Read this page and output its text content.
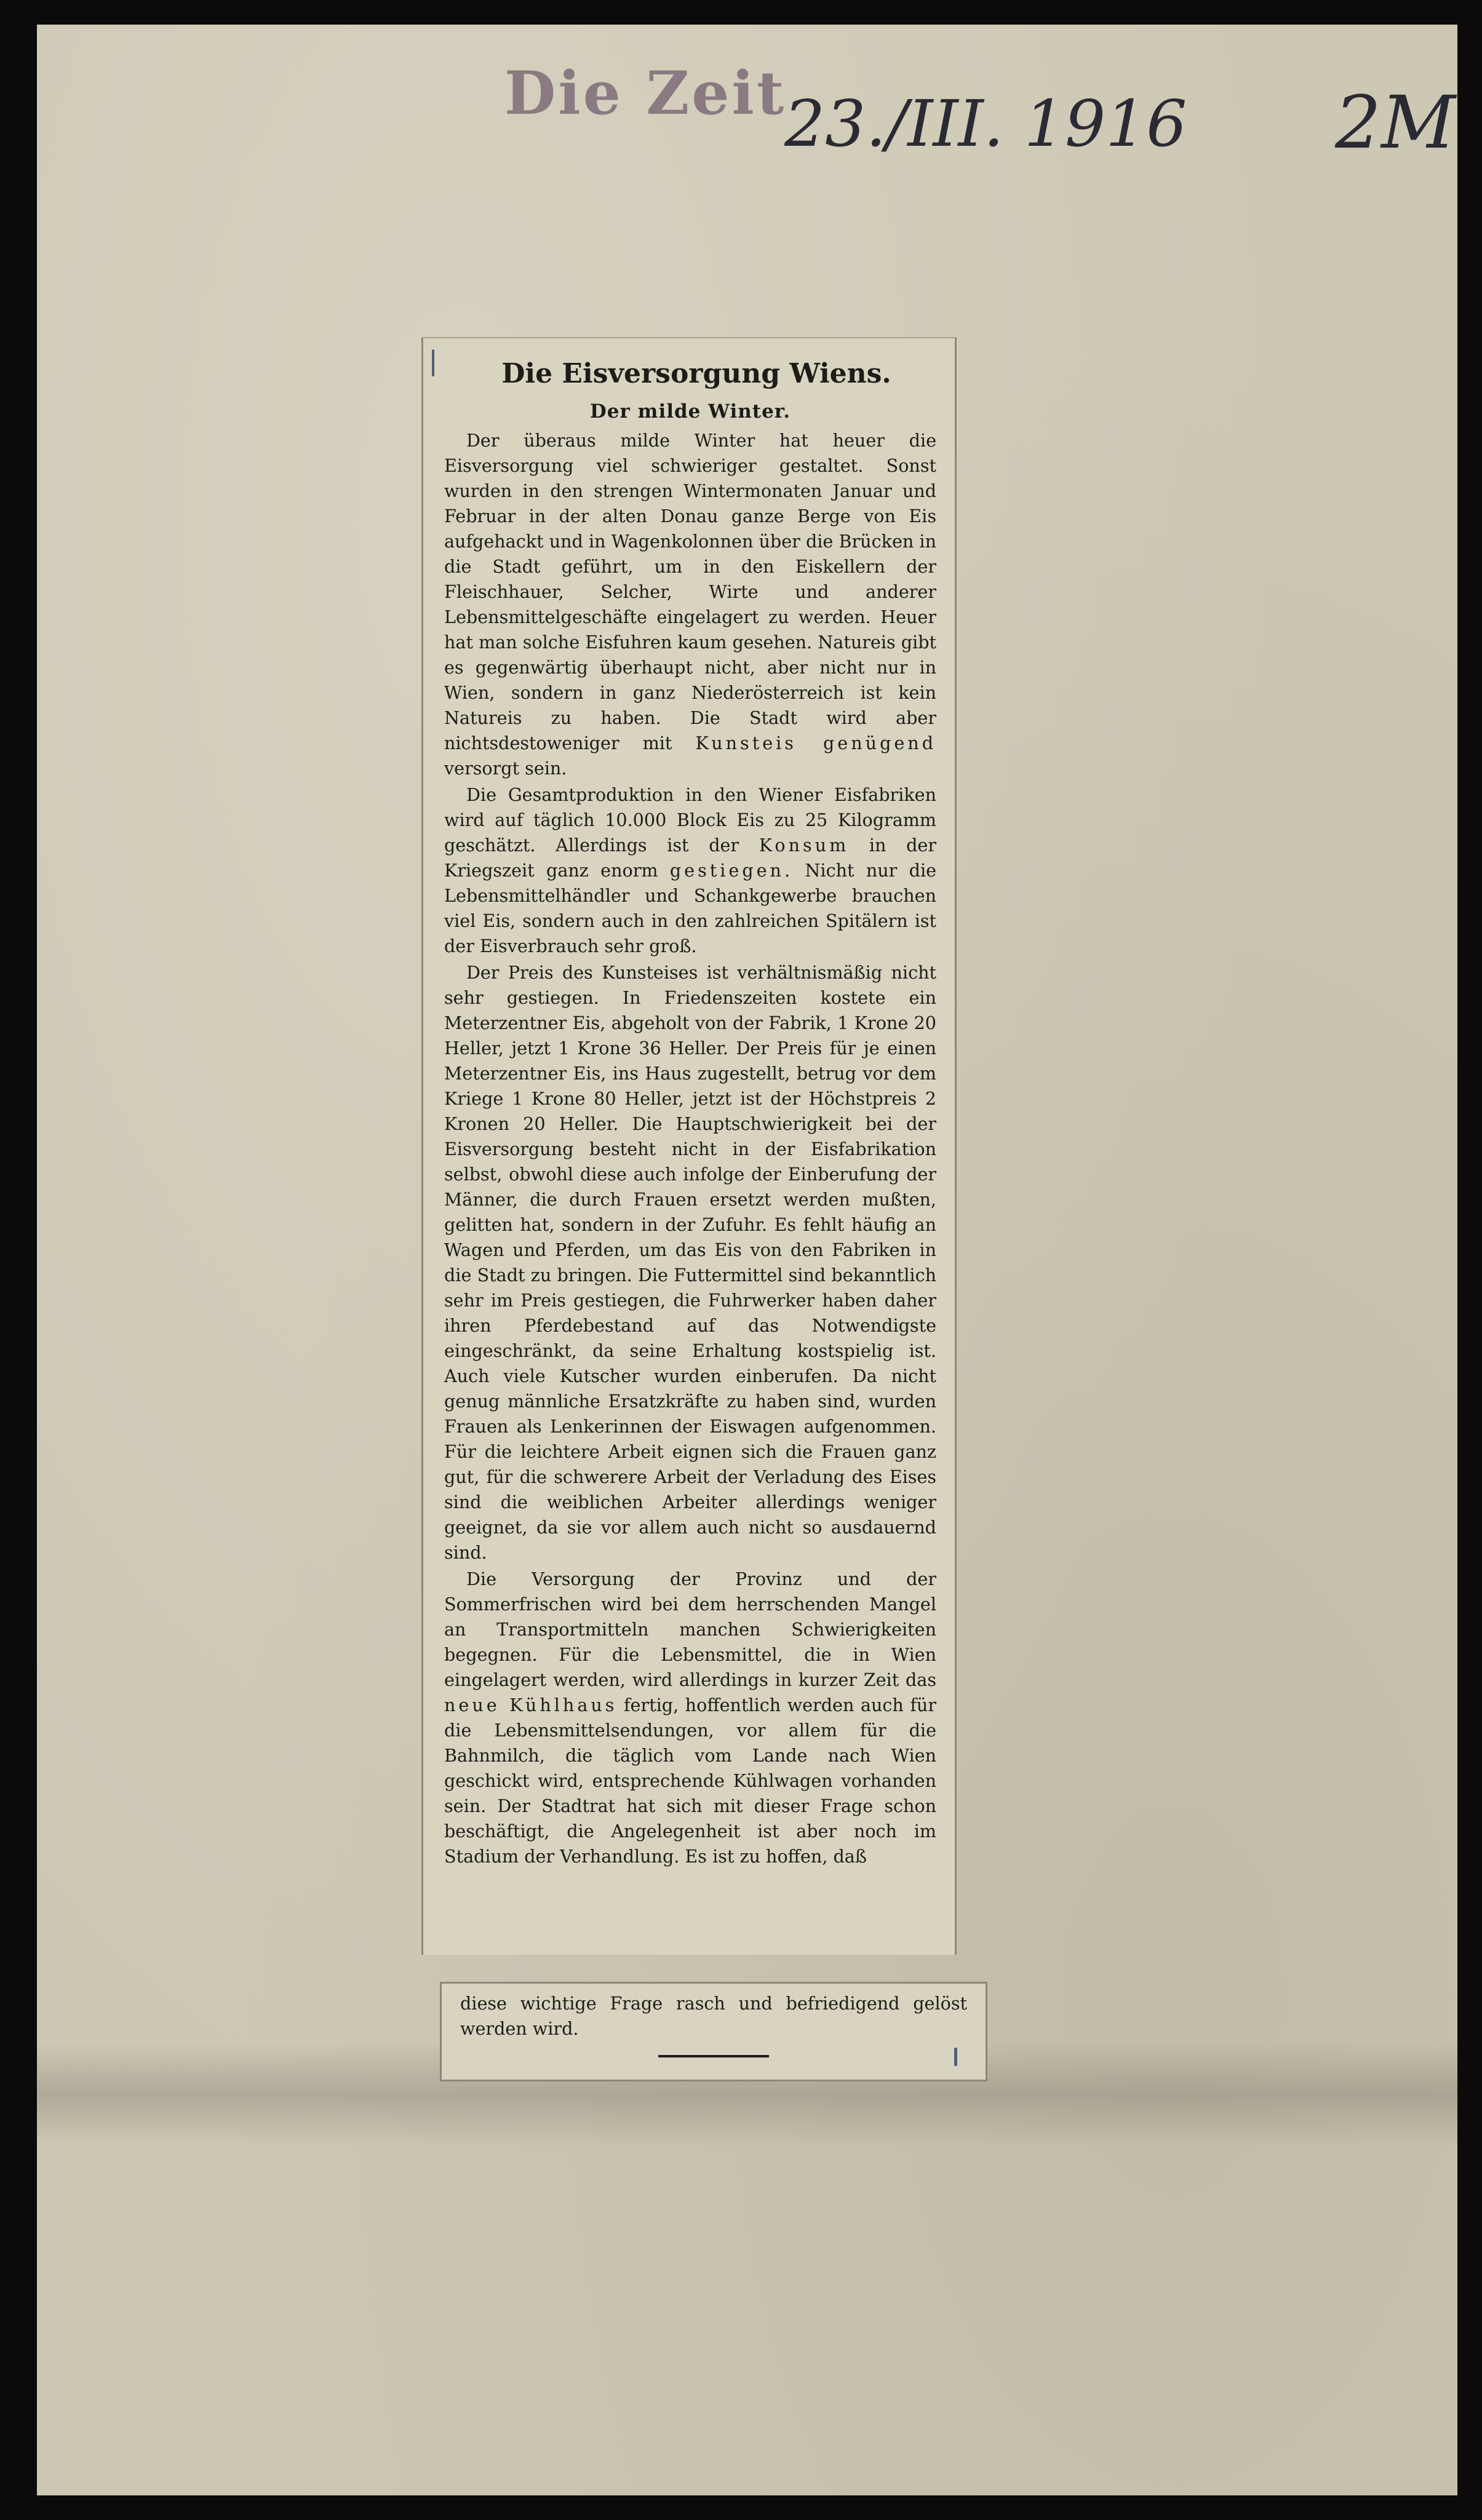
Die Zeit
23./III. 1916 2M
Die Eisversorgung Wiens.
Der milde Winter.

Der überaus milde Winter hat heuer die Eisversorgung viel schwieriger gestaltet. Sonst wurden in den strengen Wintermonaten Januar und Februar in der alten Donau ganze Berge von Eis aufgehackt und in Wagenkolonnen über die Brücken in die Stadt geführt, um in den Eiskellern der Fleischhauer, Selcher, Wirte und anderer Lebensmittelgeschäfte eingelagert zu werden. Heuer hat man solche Eisfuhren kaum gesehen. Natureis gibt es gegenwärtig überhaupt nicht, aber nicht nur in Wien, sondern in ganz Niederösterreich ist kein Natureis zu haben. Die Stadt wird aber nichtsdestoweniger mit Kunsteis genügend versorgt sein.

Die Gesamtproduktion in den Wiener Eisfabriken wird auf täglich 10.000 Block Eis zu 25 Kilogramm geschätzt. Allerdings ist der Konsum in der Kriegszeit ganz enorm gestiegen. Nicht nur die Lebensmittelhändler und Schankgewerbe brauchen viel Eis, sondern auch in den zahlreichen Spitälern ist der Eisverbrauch sehr groß.

Der Preis des Kunsteises ist verhältnismäßig nicht sehr gestiegen. In Friedenszeiten kostete ein Meterzentner Eis, abgeholt von der Fabrik, 1 Krone 20 Heller, jetzt 1 Krone 36 Heller. Der Preis für je einen Meterzentner Eis, ins Haus zugestellt, betrug vor dem Kriege 1 Krone 80 Heller, jetzt ist der Höchstpreis 2 Kronen 20 Heller. Die Hauptschwierigkeit bei der Eisversorgung besteht nicht in der Eisfabrikation selbst, obwohl diese auch infolge der Einberufung der Männer, die durch Frauen ersetzt werden mußten, gelitten hat, sondern in der Zufuhr. Es fehlt häufig an Wagen und Pferden, um das Eis von den Fabriken in die Stadt zu bringen. Die Futtermittel sind bekanntlich sehr im Preis gestiegen, die Fuhrwerker haben daher ihren Pferdebestand auf das Notwendigste eingeschränkt, da seine Erhaltung kostspielig ist. Auch viele Kutscher wurden einberufen. Da nicht genug männliche Ersatzkräfte zu haben sind, wurden Frauen als Lenkerinnen der Eiswagen aufgenommen. Für die leichtere Arbeit eignen sich die Frauen ganz gut, für die schwerere Arbeit der Verladung des Eises sind die weiblichen Arbeiter allerdings weniger geeignet, da sie vor allem auch nicht so ausdauernd sind.

Die Versorgung der Provinz und der Sommerfrischen wird bei dem herrschenden Mangel an Transportmitteln manchen Schwierigkeiten begegnen. Für die Lebensmittel, die in Wien eingelagert werden, wird allerdings in kurzer Zeit das neue Kühlhaus fertig, hoffentlich werden auch für die Lebensmittelsendungen, vor allem für die Bahnmilch, die täglich vom Lande nach Wien geschickt wird, entsprechende Kühlwagen vorhanden sein. Der Stadtrat hat sich mit dieser Frage schon beschäftigt, die Angelegenheit ist aber noch im Stadium der Verhandlung. Es ist zu hoffen, daß

diese wichtige Frage rasch und befriedigend gelöst werden wird.
